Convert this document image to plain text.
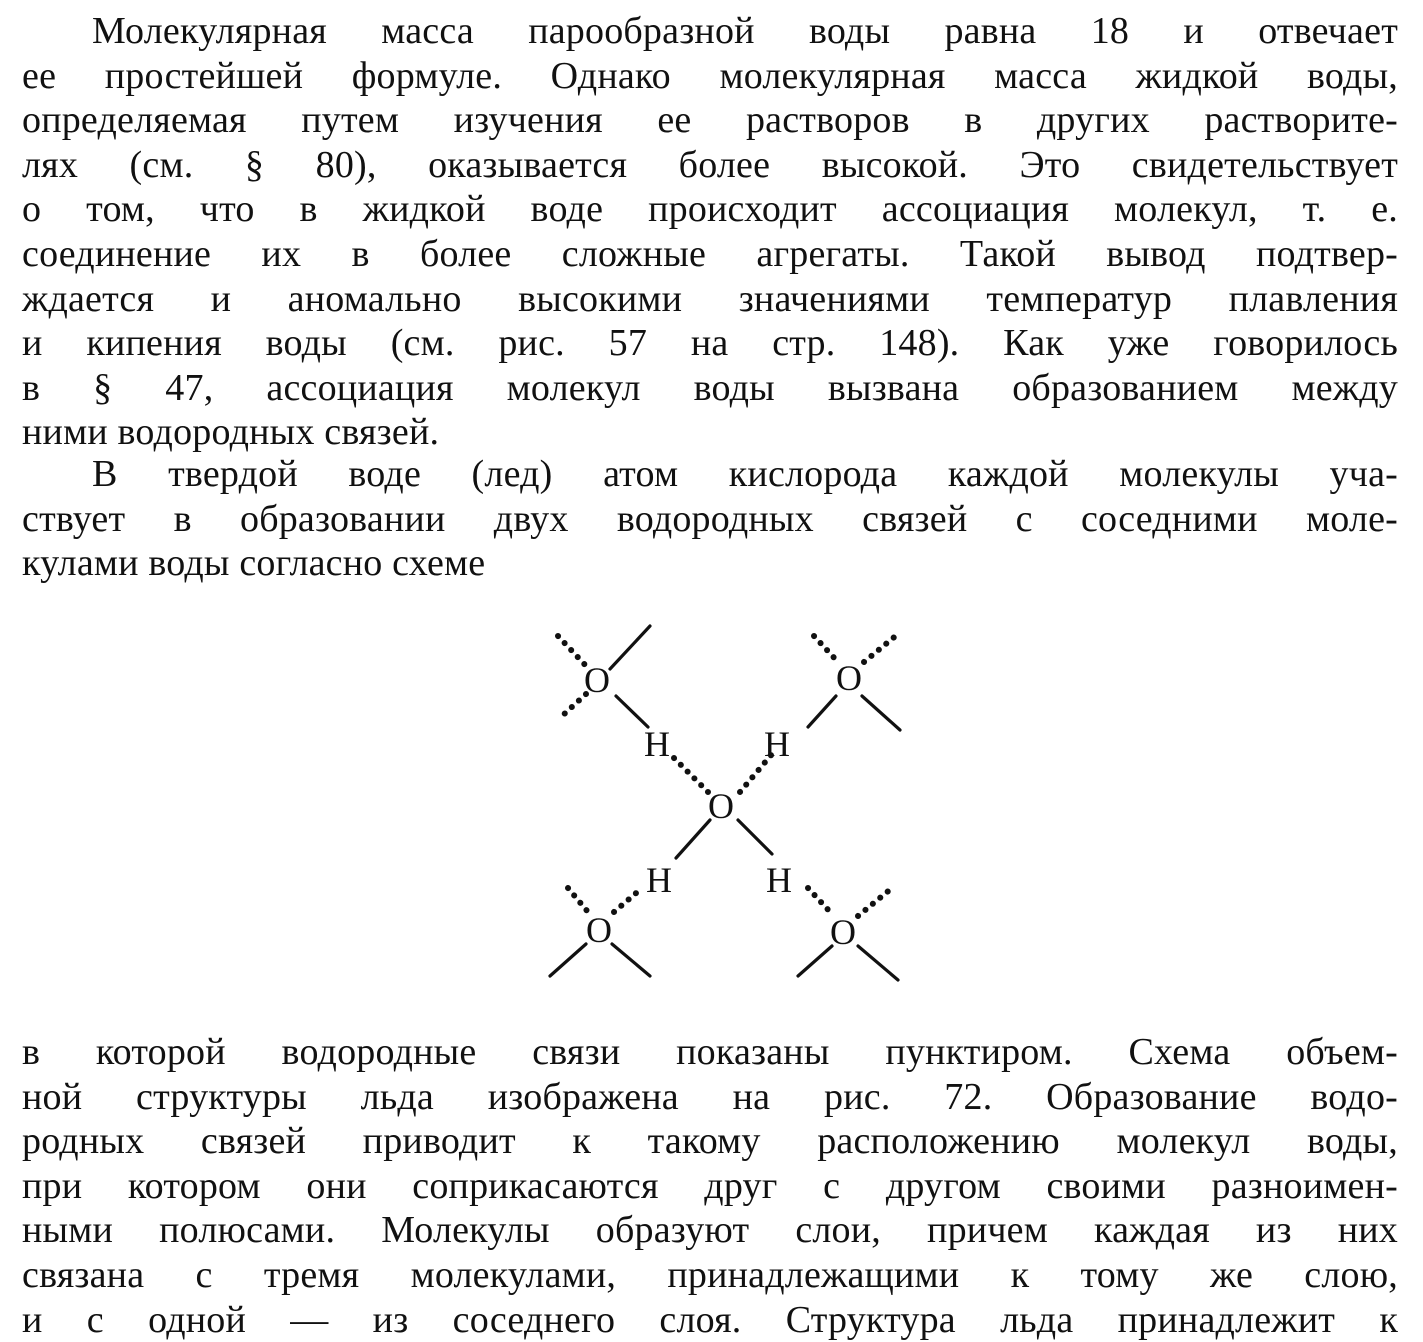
Молекулярная масса парообразной воды равна 18 и отвечает
ее простейшей формуле. Однако молекулярная масса жидкой воды,
определяемая путем изучения ее растворов в других растворите-
лях (см. § 80), оказывается более высокой. Это свидетельствует
о том, что в жидкой воде происходит ассоциация молекул, т. е.
соединение их в более сложные агрегаты. Такой вывод подтвер-
ждается и аномально высокими значениями температур плавления
и кипения воды (см. рис. 57 на стр. 148). Как уже говорилось
в § 47, ассоциация молекул воды вызвана образованием между
ними водородных связей.
В твердой воде (лед) атом кислорода каждой молекулы уча-
ствует в образовании двух водородных связей с соседними моле-
кулами воды согласно схеме
O	O
H	H
O
H	H
O	O
в которой водородные связи показаны пунктиром. Схема объем-
ной структуры льда изображена на рис. 72. Образование водо-
родных связей приводит к такому расположению молекул воды,
при котором они соприкасаются друг с другом своими разноимен-
ными полюсами. Молекулы образуют слои, причем каждая из них
связана с тремя молекулами, принадлежащими к тому же слою,
и с одной — из соседнего слоя. Структура льда принадлежит к
